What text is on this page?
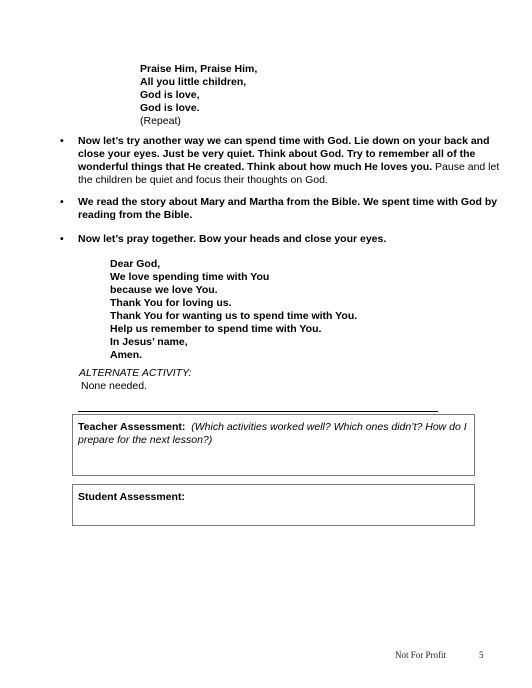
Praise Him, Praise Him,
All you little children,
God is love,
God is love.
(Repeat)
• Now let’s try another way we can spend time with God. Lie down on your back and close your eyes. Just be very quiet. Think about God. Try to remember all of the wonderful things that He created. Think about how much He loves you. Pause and let the children be quiet and focus their thoughts on God.
• We read the story about Mary and Martha from the Bible. We spent time with God by reading from the Bible.
• Now let’s pray together. Bow your heads and close your eyes.
Dear God,
We love spending time with You
because we love You.
Thank You for loving us.
Thank You for wanting us to spend time with You.
Help us remember to spend time with You.
In Jesus’ name,
Amen.
ALTERNATE ACTIVITY:
None needed.
Teacher Assessment: (Which activities worked well? Which ones didn’t? How do I prepare for the next lesson?)
Student Assessment:
Not For Profit	5
